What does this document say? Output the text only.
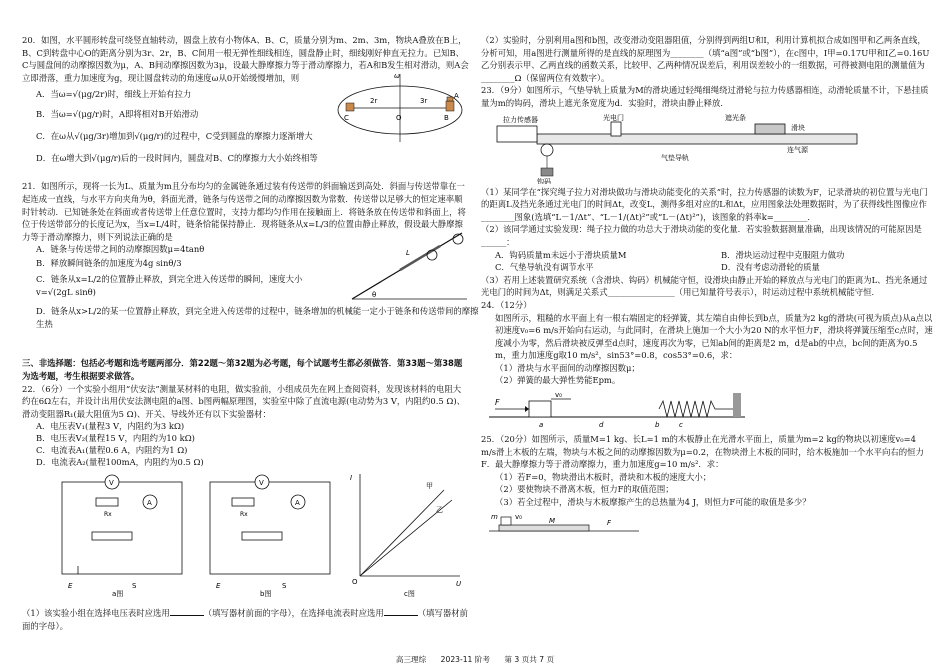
20．如图，水平圆形转盘可绕竖直轴转动，圆盘上放有小物体A、B、C，质量分别为m、2m、3m，物块A叠放在B上，B、C到转盘中心O的距离分别为3r、2r，B、C间用一根无弹性细线相连，圆盘静止时，细线刚好伸直无拉力。已知B、C与圆盘间的动摩擦因数为μ，A、B间动摩擦因数为3μ，设最大静摩擦力等于滑动摩擦力，若A和B发生相对滑动，则A会立即滑落，重力加速度为g，现让圆盘转动的角速度ω从0开始缓慢增加，则

A．当ω=√(μg/2r)时，细线上开始有拉力

B．当ω=√(μg/r)时，A即将相对B开始滑动

C．在ω从√(μg/3r)增加到√(μg/r)的过程中，C受到圆盘的摩擦力逐渐增大

D．在ω增大到√(μg/r)后的一段时间内，圆盘对B、C的摩擦力大小始终相等

ω
2r	3r
C	B
A
O

21．如图所示，现将一长为L、质量为m且分布均匀的金属链条通过装有传送带的斜面输送到高处．斜面与传送带靠在一起连成一直线，与水平方向夹角为θ，斜面光滑，链条与传送带之间的动摩擦因数为常数．传送带以足够大的恒定速率顺时针转动．已知链条处在斜面或者传送带上任意位置时，支持力都均匀作用在接触面上．将链条放在传送带和斜面上，将位于传送带部分的长度记为x，当x=L/4时，链条恰能保持静止．现将链条从x=L/3的位置由静止释放，假设最大静摩擦力等于滑动摩擦力，则下列说法正确的是

A．链条与传送带之间的动摩擦因数μ=4tanθ

B．释放瞬间链条的加速度为4g sinθ/3

C．链条从x=L/2的位置静止释放，到完全进入传送带的瞬间，速度大小v=√(2gL sinθ)

D．链条从x>L/2的某一位置静止释放，到完全进入传送带的过程中，链条增加的机械能一定小于链条和传送带间的摩擦生热

L
θ

三、非选择题：包括必考题和选考题两部分．第22题～第32题为必考题，每个试题考生都必须做答．第33题～第38题为选考题，考生根据要求做答。

22．（6分）一个实验小组用“伏安法”测量某材料的电阻，做实验前，小组成员先在网上查阅资料，发现该材料的电阻大约在6Ω左右，并设计出用伏安法测电阻的a图、b图两幅原理图，实验室中除了直流电源(电动势为3 V，内阻约0.5 Ω)、滑动变阻器R₁(最大阻值为5 Ω)、开关、导线外还有以下实验器材：

A．电压表V₁(量程3 V，内阻约为3 kΩ)

B．电压表V₂(量程15 V，内阻约为10 kΩ)

C．电流表A₁(量程0.6 A，内阻约为1 Ω)

D．电流表A₂(量程100mA，内阻约为0.5 Ω)

V
Rx
A
E	S
a图
V
Rx
A
E	S
b图
I
U
O
甲
乙
c图

（1）该实验小组在选择电压表时应选用	（填写器材前面的字母），在选择电流表时应选用	（填写器材前面的字母）。

（2）实验时，分别利用a图和b图，改变滑动变阻器阻值，分别得到两组U和I，利用计算机拟合成如图甲和乙两条直线，分析可知，用a图进行测量所得的是直线的原理图为________（填“a图”或“b图”），在c图中，I甲=0.17U甲和I乙=0.16U乙分别表示甲、乙两直线的函数关系，比较甲、乙两种情况误差后，利用误差较小的一组数据，可得被测电阻的测量值为________Ω（保留两位有效数字）。

23．（9分）如图所示，气垫导轨上质量为M的滑块通过轻绳细绳绕过滑轮与拉力传感器相连，动滑轮质量不计，下悬挂质量为m的钩码，滑块上遮光条宽度为d．实验时，滑块由静止释放．

拉力传感器	光电门
滑块
遮光条
连气源
气垫导轨
钩码

（1）某同学在“探究绳子拉力对滑块做功与滑块动能变化的关系”时，拉力传感器的读数为F，记录滑块的初位置与光电门的距离L及挡光条通过光电门的时间Δt，改变L，测得多组对应的L和Δt，应用图象法处理数据时，为了获得线性图像应作________图象(选填“L－1/Δt”、“L－1/(Δt)²”或“L－(Δt)²”)，该图象的斜率k=________．

（2）该同学通过实验发现：绳子拉力做的功总大于滑块动能的变化量．若实验数据测量准确，出现该情况的可能原因是______：

A．钩码质量m未远小于滑块质量M	B．滑块运动过程中克服阻力做功

C．气垫导轨没有调节水平	D．没有考虑动滑轮的质量

（3）若用上述装置研究系统（含滑块、钩码）机械能守恒，设滑块由静止开始的释放点与光电门的距离为L、挡光条通过光电门的时间为Δt，则满足关系式________________（用已知量符号表示），时运动过程中系统机械能守恒．

24．（12分）

如图所示，粗糙的水平面上有一根右端固定的轻弹簧，其左端自由伸长到b点，质量为2 kg的滑块(可视为质点)从a点以初速度v₀=6 m/s开始向右运动，与此同时，在滑块上施加一个大小为20 N的水平恒力F，滑块将弹簧压缩至c点时，速度减小为零，然后滑块被反弹至d点时，速度再次为零，已知ab间的距离是2 m，d是ab的中点，bc间的距离为0.5 m，重力加速度g取10 m/s²，sin53°=0.8，cos53°=0.6，求：

（1）滑块与水平面间的动摩擦因数μ；

（2）弹簧的最大弹性势能Epm。

F
v₀
a	d	b	c

25．（20分）如图所示，质量M=1 kg、长L=1 m的木板静止在光滑水平面上，质量为m=2 kg的物块以初速度v₀=4 m/s滑上木板的左端，物块与木板之间的动摩擦因数为μ=0.2，在物块滑上木板的同时，给木板施加一个水平向右的恒力F．最大静摩擦力等于滑动摩擦力，重力加速度g=10 m/s²．求：

（1）若F=0，物块滑出木板时，滑块和木板的速度大小；

（2）要使物块不滑离木板，恒力F的取值范围；

（3）若全过程中，滑块与木板摩擦产生的总热量为4 J，则恒力F可能的取值是多少？

m v₀	M	F
高三理综 2023-11 阶考 第 3 页共 7 页
